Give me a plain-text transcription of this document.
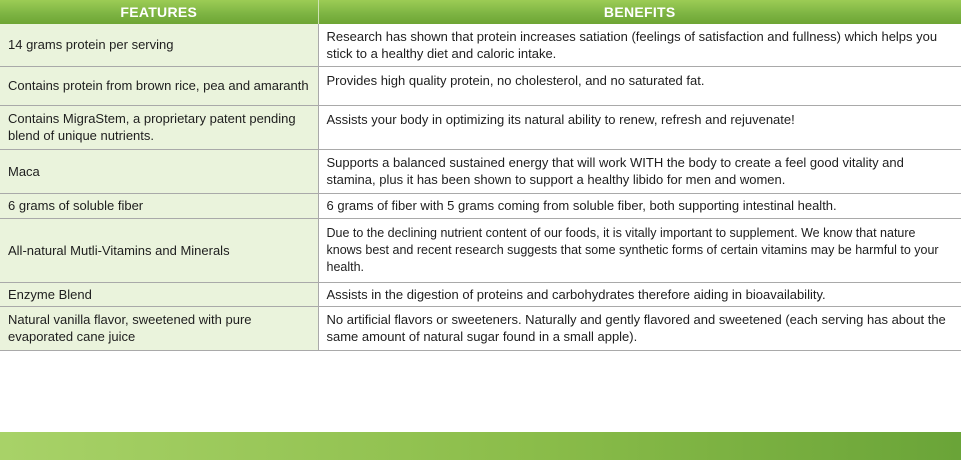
FEATURES	BENEFITS
14 grams protein per serving	Research has shown that protein increases satiation (feelings of satisfaction and fullness) which helps you stick to a healthy diet and caloric intake.
Contains protein from brown rice, pea and amaranth	Provides high quality protein, no cholesterol, and no saturated fat.
Contains MigraStem, a proprietary patent pending blend of unique nutrients.	Assists your body in optimizing its natural ability to renew, refresh and rejuvenate!
Maca	Supports a balanced sustained energy that will work WITH the body to create a feel good vitality and stamina, plus it has been shown to support a healthy libido for men and women.
6 grams of soluble fiber	6 grams of fiber with 5 grams coming from soluble fiber, both supporting intestinal health.
All-natural Mutli-Vitamins and Minerals	Due to the declining nutrient content of our foods, it is vitally important to supplement. We know that nature knows best and recent research suggests that some synthetic forms of certain vitamins may be harmful to your health.
Enzyme Blend	Assists in the digestion of proteins and carbohydrates therefore aiding in bioavailability.
Natural vanilla flavor, sweetened with pure evaporated cane juice	No artificial flavors or sweeteners. Naturally and gently flavored and sweetened (each serving has about the same amount of natural sugar found in a small apple).
